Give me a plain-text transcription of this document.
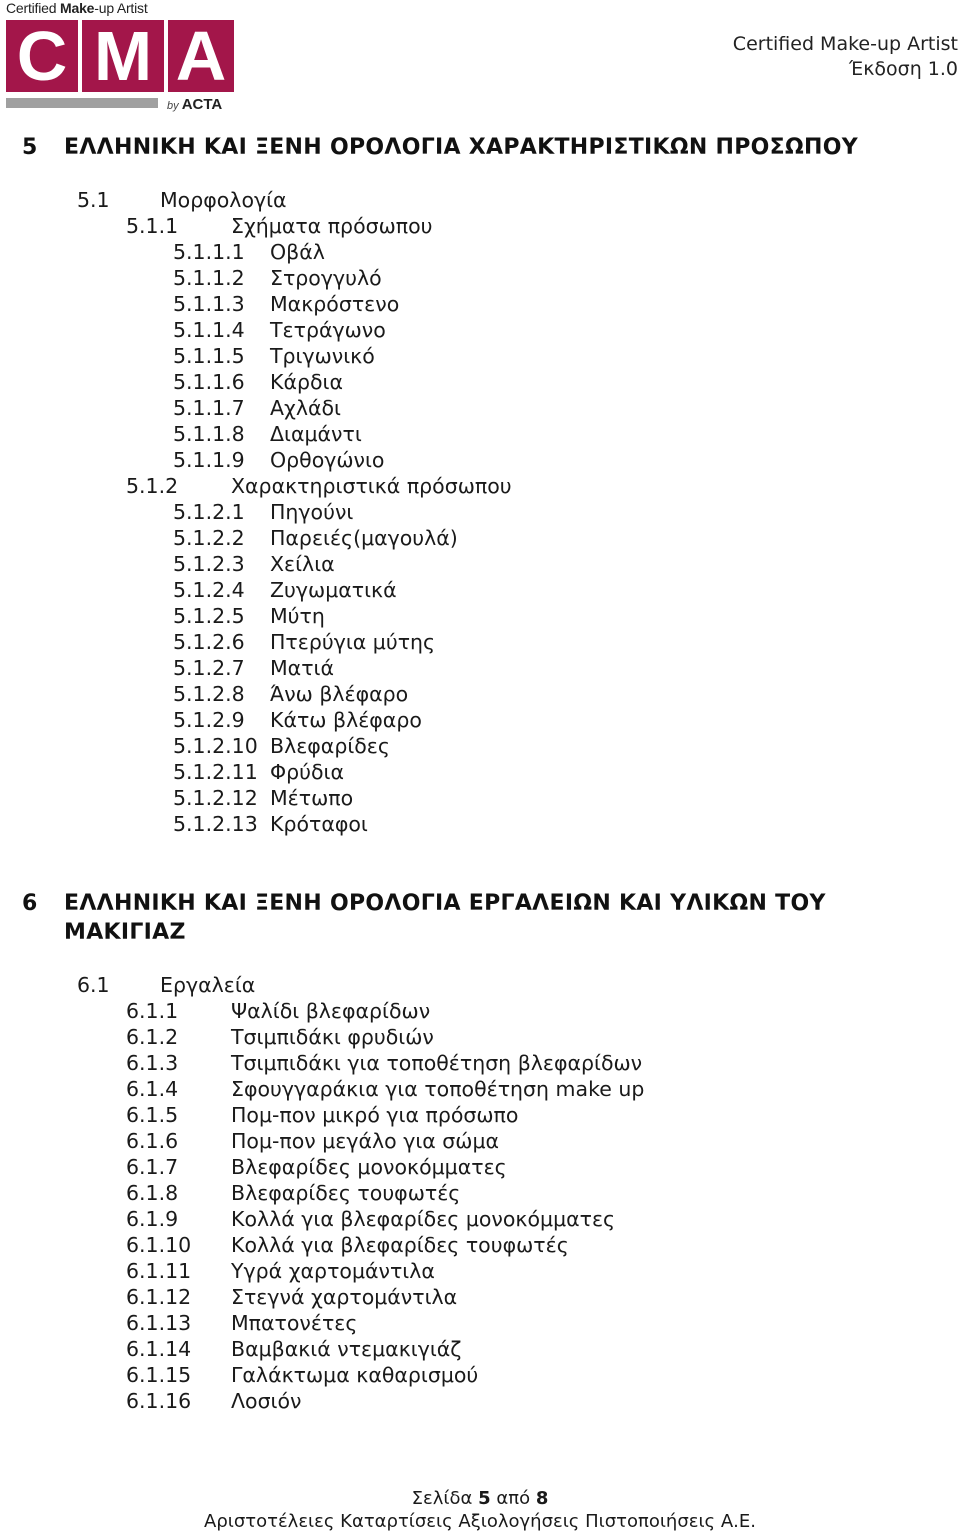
Certified Make-up Artist
C M A
by ACTA
Certified Make-up Artist
Έκδοση 1.0
5 ΕΛΛΗΝΙΚΗ ΚΑΙ ΞΕΝΗ ΟΡΟΛΟΓΙΑ ΧΑΡΑΚΤΗΡΙΣΤΙΚΩΝ ΠΡΟΣΩΠΟΥ
5.1 Μορφολογία
5.1.1	Σχήματα πρόσωπου
5.1.1.1 Οβάλ
5.1.1.2 Στρογγυλό
5.1.1.3 Μακρόστενο
5.1.1.4 Τετράγωνο
5.1.1.5 Τριγωνικό
5.1.1.6 Κάρδια
5.1.1.7 Αχλάδι
5.1.1.8 Διαμάντι
5.1.1.9 Ορθογώνιο
5.1.2	Χαρακτηριστικά πρόσωπου
5.1.2.1 Πηγούνι
5.1.2.2 Παρειές(μαγουλά)
5.1.2.3 Χείλια
5.1.2.4 Ζυγωματικά
5.1.2.5 Μύτη
5.1.2.6 Πτερύγια μύτης
5.1.2.7 Ματιά
5.1.2.8 Άνω βλέφαρο
5.1.2.9 Κάτω βλέφαρο
5.1.2.10 Βλεφαρίδες
5.1.2.11 Φρύδια
5.1.2.12 Μέτωπο
5.1.2.13 Κρόταφοι
6 ΕΛΛΗΝΙΚΗ ΚΑΙ ΞΕΝΗ ΟΡΟΛΟΓΙΑ ΕΡΓΑΛΕΙΩΝ ΚΑΙ ΥΛΙΚΩΝ ΤΟΥ
ΜΑΚΙΓΙΑΖ
6.1 Εργαλεία
6.1.1	Ψαλίδι βλεφαρίδων
6.1.2	Τσιμπιδάκι φρυδιών
6.1.3	Τσιμπιδάκι για τοποθέτηση βλεφαρίδων
6.1.4	Σφουγγαράκια για τοποθέτηση make up
6.1.5	Πομ-πον μικρό για πρόσωπο
6.1.6	Πομ-πον μεγάλο για σώμα
6.1.7	Βλεφαρίδες μονοκόμματες
6.1.8	Βλεφαρίδες τουφωτές
6.1.9	Κολλά για βλεφαρίδες μονοκόμματες
6.1.10 Κολλά για βλεφαρίδες τουφωτές
6.1.11 Υγρά χαρτομάντιλα
6.1.12 Στεγνά χαρτομάντιλα
6.1.13 Μπατονέτες
6.1.14 Βαμβακιά ντεμακιγιάζ
6.1.15 Γαλάκτωμα καθαρισμού
6.1.16 Λοσιόν
Σελίδα 5 από 8
Αριστοτέλειες Καταρτίσεις Αξιολογήσεις Πιστοποιήσεις Α.Ε.
